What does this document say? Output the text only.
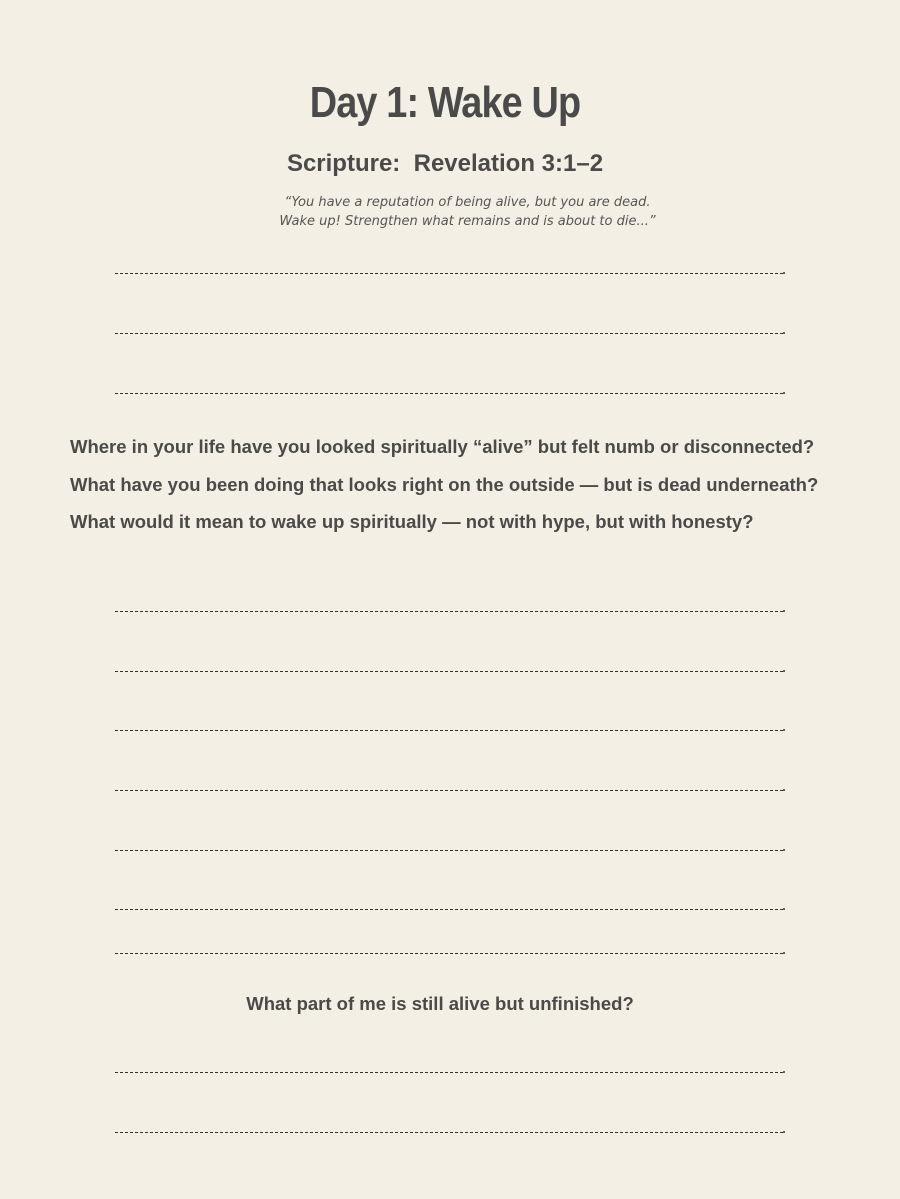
Day 1: Wake Up
Scripture:  Revelation 3:1–2

“You have a reputation of being alive, but you are dead.

Wake up! Strengthen what remains and is about to die...”

Where in your life have you looked spiritually “alive” but felt numb or disconnected?

What have you been doing that looks right on the outside — but is dead underneath?

What would it mean to wake up spiritually — not with hype, but with honesty?

What part of me is still alive but unfinished?
